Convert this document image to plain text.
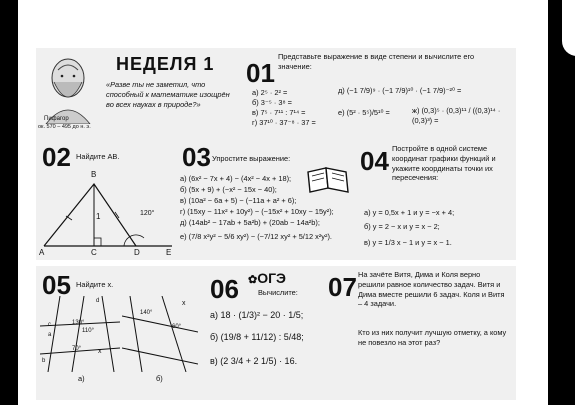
Пифагор
ок. 570 – 495 до н. э.
НЕДЕЛЯ 1
«Разве ты не заметил, что способный к математике изощрён во всех науках в природе?»
01
Представьте выражение в виде степени и вычислите его значение:
а) 2⁵ · 2² =
б) 3⁻⁵ · 3⁸ =
в) 7⁵ · 7¹¹ : 7¹⁴ =
г) 37¹⁰ · 37⁻⁸ · 37 =
д) (−1 7/9)⁹ · (−1 7/9)¹⁰ · (−1 7/9)⁻²⁰ =
е) (5² · 5⁵)/5¹⁰ =	ж) (0,3)⁵ · (0,3)¹¹ / ((0,3)¹⁴ · (0,3)³) =
02 Найдите АВ.
В
А	С	D	E
1	120°
03 Упростите выражение:
а) (6x² − 7x + 4) − (4x² − 4x + 18);
б) (5x + 9) + (−x² − 15x − 40);
в) (10a² − 6a + 5) − (−11a + a² + 6);
г) (15xy − 11x² + 10y²) − (−15x² + 10xy − 15y²);
д) (14ab² − 17ab + 5a²b) + (20ab − 14a²b);
е) (7/8 x²y² − 5/6 xy²) − (−7/12 xy² + 5/12 x²y²).
04 Постройте в одной системе координат графики функций и укажите координаты точки их пересечения:
а) y = 0,5x + 1 и y = −x + 4;
б) y = 2 − x и y = x − 2;
в) y = 1/3 x − 1 и y = x − 1.
05 Найдите x.
130°
110°
70°
140°
60°
x
x
a
b
c
d
а)	б)
06 ✿ОГЭ
Вычислите:
а) 18 · (1/3)² − 20 · 1/5;
б) (19/8 + 11/12) : 5/48;
в) (2 3/4 + 2 1/5) · 16.
07 На зачёте Витя, Дима и Коля верно решили равное количество задач. Витя и Дима вместе решили 6 задач. Коля и Витя – 4 задачи.
Кто из них получит лучшую отметку, а кому не повезло на этот раз?
